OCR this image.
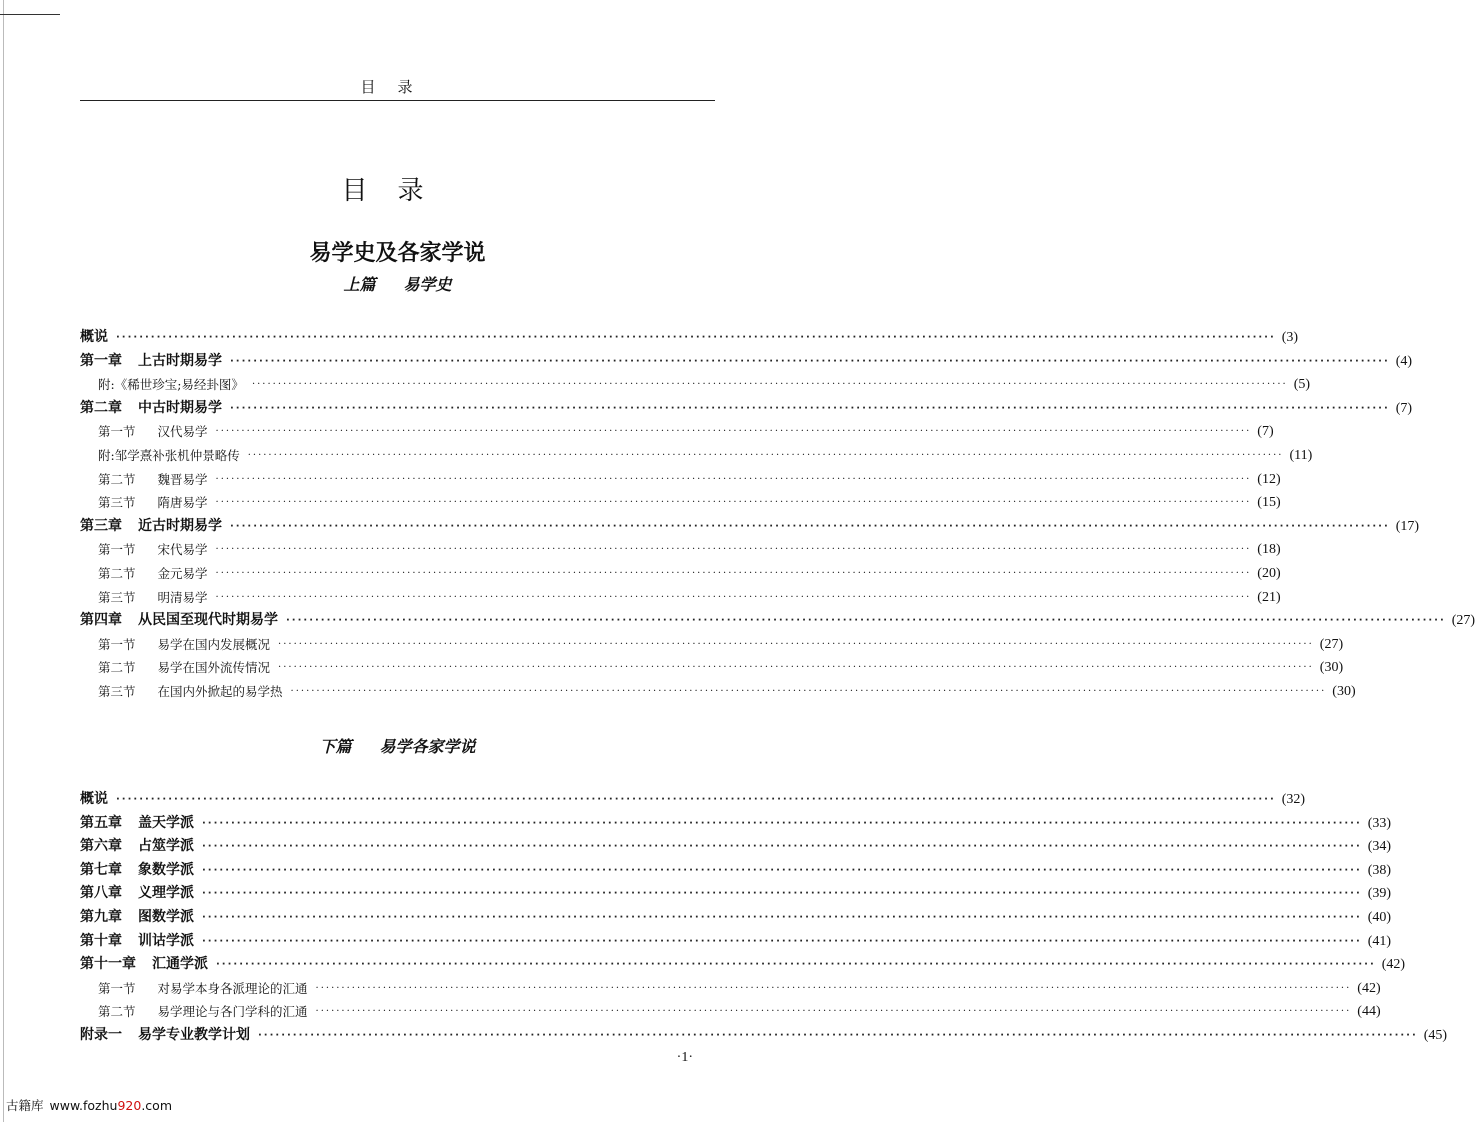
目录
目录
易学史及各家学说
上篇 易学史
概说 ········································································································································································································ (3)
第一章 上古时期易学 ········································································································································································································ (4)
附:《稀世珍宝;易经卦图》 ········································································································································································································ (5)
第二章 中古时期易学 ········································································································································································································ (7)
第一节 汉代易学 ········································································································································································································ (7)
附:邹学熹补张机仲景略传 ········································································································································································································ (11)
第二节 魏晋易学 ········································································································································································································ (12)
第三节 隋唐易学 ········································································································································································································ (15)
第三章 近古时期易学 ········································································································································································································ (17)
第一节 宋代易学 ········································································································································································································ (18)
第二节 金元易学 ········································································································································································································ (20)
第三节 明清易学 ········································································································································································································ (21)
第四章 从民国至现代时期易学 ········································································································································································································ (27)
第一节 易学在国内发展概况 ········································································································································································································ (27)
第二节 易学在国外流传情况 ········································································································································································································ (30)
第三节 在国内外掀起的易学热 ········································································································································································································ (30)
下篇 易学各家学说
概说 ········································································································································································································ (32)
第五章 盖天学派 ········································································································································································································ (33)
第六章 占筮学派 ········································································································································································································ (34)
第七章 象数学派 ········································································································································································································ (38)
第八章 义理学派 ········································································································································································································ (39)
第九章 图数学派 ········································································································································································································ (40)
第十章 训诂学派 ········································································································································································································ (41)
第十一章 汇通学派 ········································································································································································································ (42)
第一节 对易学本身各派理论的汇通 ········································································································································································································ (42)
第二节 易学理论与各门学科的汇通 ········································································································································································································ (44)
附录一 易学专业教学计划 ········································································································································································································ (45)
·1·
古籍库 www.fozhu920.com
